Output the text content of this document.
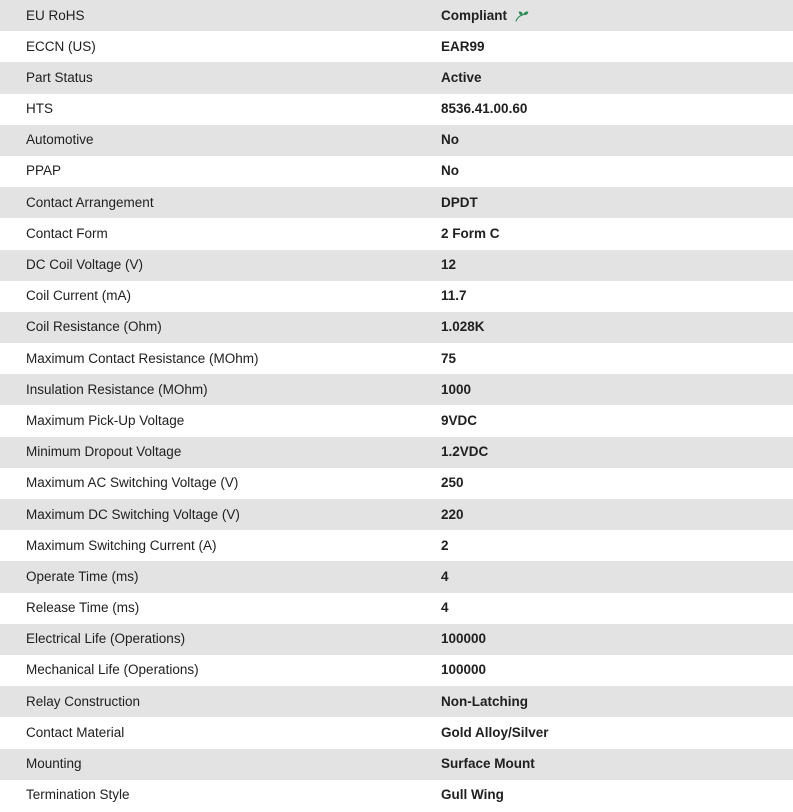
EU RoHS	Compliant

ECCN (US)	EAR99

Part Status	Active

HTS	8536.41.00.60

Automotive	No

PPAP	No

Contact Arrangement	DPDT

Contact Form	2 Form C

DC Coil Voltage (V)	12

Coil Current (mA)	11.7

Coil Resistance (Ohm)	1.028K

Maximum Contact Resistance (MOhm)	75

Insulation Resistance (MOhm)	1000

Maximum Pick-Up Voltage	9VDC

Minimum Dropout Voltage	1.2VDC

Maximum AC Switching Voltage (V)	250

Maximum DC Switching Voltage (V)	220

Maximum Switching Current (A)	2

Operate Time (ms)	4

Release Time (ms)	4

Electrical Life (Operations)	100000

Mechanical Life (Operations)	100000

Relay Construction	Non-Latching

Contact Material	Gold Alloy/Silver

Mounting	Surface Mount

Termination Style	Gull Wing
